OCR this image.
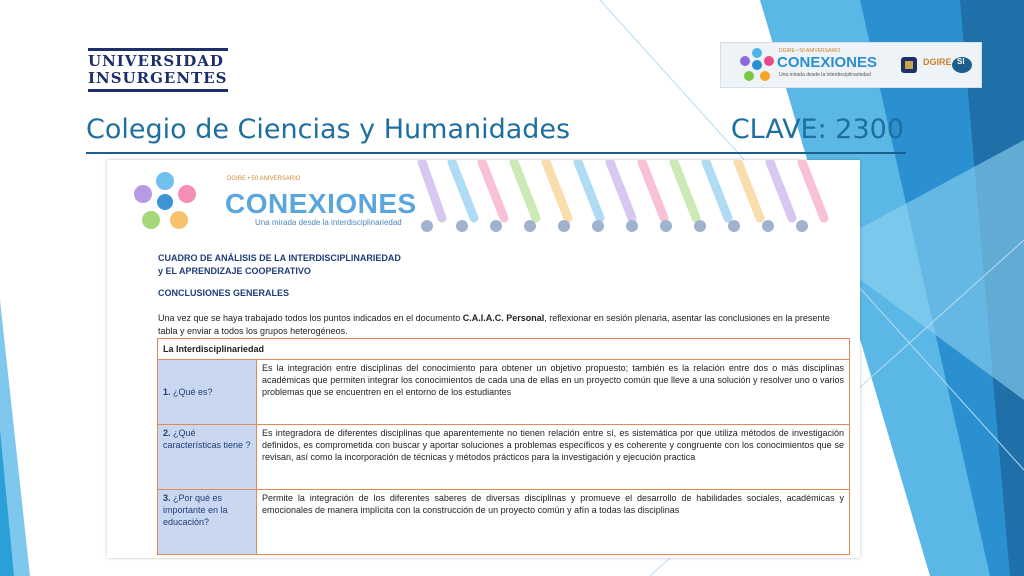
UNIVERSIDAD
INSURGENTES
DGIRE • 50 ANIVERSARIO
CONEXIONES
Una mirada desde la interdisciplinariedad
DGIRE SI
Colegio de Ciencias y Humanidades	CLAVE: 2300
DGIRE • 50 ANIVERSARIO
CONEXIONES
Una mirada desde la interdisciplinariedad
CUADRO DE ANÁLISIS DE LA INTERDISCIPLINARIEDAD
y EL APRENDIZAJE COOPERATIVO
CONCLUSIONES GENERALES
Una vez que se haya trabajado todos los puntos indicados en el documento C.A.I.A.C. Personal, reflexionar en sesión plenaria, asentar las conclusiones en la presente tabla y enviar a todos los grupos heterogéneos.
La Interdisciplinariedad	
1. ¿Qué es?	Es la integración entre disciplinas del conocimiento para obtener un objetivo propuesto; también es la relación entre dos o más disciplinas académicas que permiten integrar los conocimientos de cada una de ellas en un proyecto común que lleve a una solución y resolver uno o varios problemas que se encuentren en el entorno de los estudiantes
2. ¿Qué características tiene ?	Es integradora de diferentes disciplinas que aparentemente no tienen relación entre sí, es sistemática por que utiliza métodos de investigación definidos, es comprometida con buscar y aportar soluciones a problemas específicos y es coherente y congruente con los conocimientos que se revisan, así como la incorporación de técnicas y métodos prácticos para la investigación y ejecución practica
3. ¿Por qué es importante en la educación?	Permite la integración de los diferentes saberes de diversas disciplinas y promueve el desarrollo de habilidades sociales, académicas y emocionales de manera implícita con la construcción de un proyecto común y afín a todas las disciplinas
